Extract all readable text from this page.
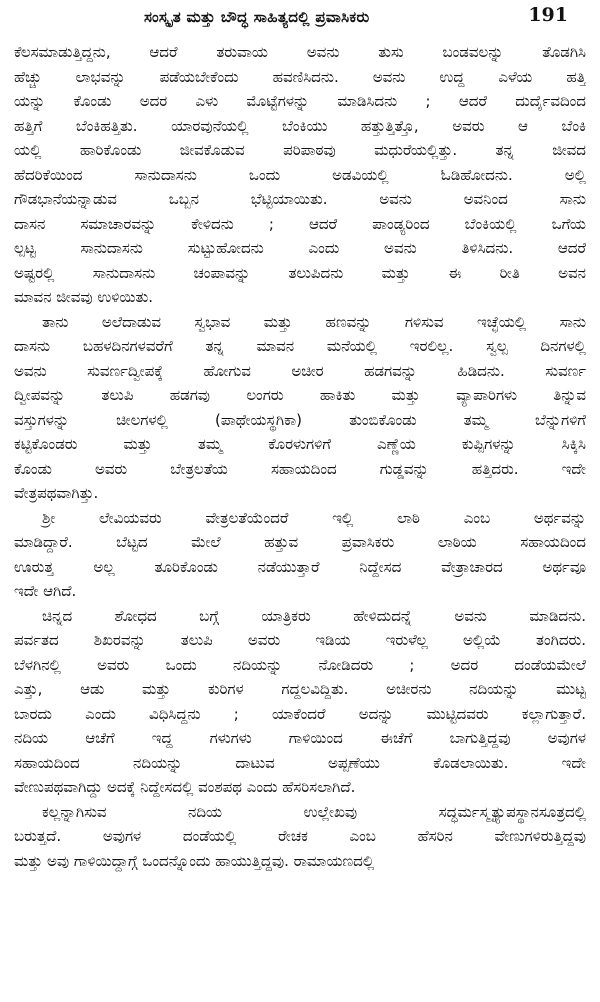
ಸಂಸ್ಕೃತ ಮತ್ತು ಬೌದ್ಧ ಸಾಹಿತ್ಯದಲ್ಲಿ ಪ್ರವಾಸಿಕರು	191
ಕೆಲಸಮಾಡುತ್ತಿದ್ದನು, ಆದರೆ ತರುವಾಯ ಅವನು ತುಸು ಬಂಡವಲನ್ನು ತೊಡಗಿಸಿ
ಹೆಚ್ಚು ಲಾಭವನ್ನು ಪಡೆಯಬೇಕೆಂದು ಹವಣಿಸಿದನು. ಅವನು ಉದ್ದ ಎಳೆಯ ಹತ್ತಿ
ಯನ್ನು ಕೊಂಡು ಅದರ ಎಳು ಮೊಟ್ಟೆಗಳನ್ನು ಮಾಡಿಸಿದನು ; ಆದರೆ ದುರ್ದೈವದಿಂದ
ಹತ್ತಿಗೆ ಬೆಂಕಿಹತ್ತಿತು. ಯಾರವುನೆಯಲ್ಲಿ ಬೆಂಕಿಯು ಹತ್ತುತ್ತಿತ್ತೊ, ಅವರು ಆ ಬೆಂಕಿ
ಯಲ್ಲಿ ಹಾರಿಕೊಂಡು ಜೀವಕೊಡುವ ಪರಿಪಾಠವು ಮಧುರೆಯಲ್ಲಿತ್ತು. ತನ್ನ ಜೀವದ
ಹೆದರಿಕೆಯಿಂದ ಸಾನುದಾಸನು ಒಂದು ಅಡವಿಯಲ್ಲಿ ಓಡಿಹೋದನು. ಅಲ್ಲಿ
ಗೌಡಭಾನೆಯನ್ನಾಡುವ ಒಬ್ಬನ ಭೆಟ್ಟಿಯಾಯಿತು. ಅವನು ಅವನಿಂದ ಸಾನು
ದಾಸನ ಸಮಾಚಾರವನ್ನು ಕೇಳಿದನು ; ಆದರೆ ಪಾಂಡ್ಯರಿಂದ ಬೆಂಕಿಯಲ್ಲಿ ಒಗೆಯ
ಲ್ಪಟ್ಟ ಸಾನುದಾಸನು ಸುಟ್ಟುಹೋದನು ಎಂದು ಅವನು ತಿಳಿಸಿದನು. ಆದರೆ
ಅಷ್ಟರಲ್ಲಿ ಸಾನುದಾಸನು ಚಂಪಾವನ್ನು ತಲುಪಿದನು ಮತ್ತು ಈ ರೀತಿ ಅವನ
ಮಾವನ ಜೀವವು ಉಳಿಯಿತು.
ತಾನು ಅಲೆದಾಡುವ ಸ್ವಭಾವ ಮತ್ತು ಹಣವನ್ನು ಗಳಿಸುವ ಇಚ್ಛೆಯಲ್ಲಿ ಸಾನು
ದಾಸನು ಬಹಳದಿನಗಳವರೆಗೆ ತನ್ನ ಮಾವನ ಮನೆಯಲ್ಲಿ ಇರಲಿಲ್ಲ. ಸ್ವಲ್ಪ ದಿನಗಳಲ್ಲಿ
ಅವನು ಸುವರ್ಣದ್ವೀಪಕ್ಕೆ ಹೋಗುವ ಅಚೀರ ಹಡಗವನ್ನು ಹಿಡಿದನು. ಸುವರ್ಣ
ದ್ವೀಪವನ್ನು ತಲುಪಿ ಹಡಗವು ಲಂಗರು ಹಾಕಿತು ಮತ್ತು ವ್ಯಾಪಾರಿಗಳು ತಿನ್ನುವ
ವಸ್ತುಗಳನ್ನು ಚೀಲಗಳಲ್ಲಿ (ಪಾಥೇಯಸ್ಥಗಿಕಾ) ತುಂಬಿಕೊಂಡು ತಮ್ಮ ಬೆನ್ನುಗಳಿಗೆ
ಕಟ್ಟಿಕೊಂಡರು ಮತ್ತು ತಮ್ಮ ಕೊರಳುಗಳಿಗೆ ಎಣ್ಣೆಯ ಕುಪ್ಪಿಗಳನ್ನು ಸಿಕ್ಕಿಸಿ
ಕೊಂಡು ಅವರು ಬೇತ್ರಲತೆಯ ಸಹಾಯದಿಂದ ಗುಡ್ಡವನ್ನು ಹತ್ತಿದರು. ಇದೇ
ವೇತ್ರಪಥವಾಗಿತ್ತು.
ಶ್ರೀ ಲೇವಿಯವರು ವೇತ್ರಲತೆಯೆಂದರೆ ಇಲ್ಲಿ ಲಾಠಿ ಎಂಬ ಅರ್ಥವನ್ನು
ಮಾಡಿದ್ದಾರೆ. ಬೆಟ್ಟದ ಮೇಲೆ ಹತ್ತುವ ಪ್ರವಾಸಿಕರು ಲಾಠಿಯ ಸಹಾಯದಿಂದ
ಊರುತ್ತ ಅಲ್ಲ ತೂರಿಕೊಂಡು ನಡೆಯುತ್ತಾರೆ ನಿದ್ದೇಸದ ವೇತ್ರಾಚಾರದ ಅರ್ಥವೂ
ಇದೇ ಆಗಿದೆ.
ಚಿನ್ನದ ಶೋಧದ ಬಗ್ಗೆ ಯಾತ್ರಿಕರು ಹೇಳಿದುದನ್ನೆ ಅವನು ಮಾಡಿದನು.
ಪರ್ವತದ ಶಿಖರವನ್ನು ತಲುಪಿ ಅವರು ಇಡಿಯ ಇರುಳೆಲ್ಲ ಅಲ್ಲಿಯೆ ತಂಗಿದರು.
ಬೆಳಗಿನಲ್ಲಿ ಅವರು ಒಂದು ನದಿಯನ್ನು ನೋಡಿದರು ; ಅದರ ದಂಡೆಯಮೇಲೆ
ಎತ್ತು, ಆಡು ಮತ್ತು ಕುರಿಗಳ ಗದ್ದಲವಿದ್ದಿತು. ಅಚೀರನು ನದಿಯನ್ನು ಮುಟ್ಟ
ಬಾರದು ಎಂದು ವಿಧಿಸಿದ್ದನು ; ಯಾಕೆಂದರೆ ಅದನ್ನು ಮುಟ್ಟಿದವರು ಕಲ್ಲಾಗುತ್ತಾರೆ.
ನದಿಯ ಆಚೆಗೆ ಇದ್ದ ಗಳುಗಳು ಗಾಳಿಯಿಂದ ಈಚೆಗೆ ಬಾಗುತ್ತಿದ್ದವು ಅವುಗಳ
ಸಹಾಯದಿಂದ ನದಿಯನ್ನು ದಾಟುವ ಅಪ್ಪಣೆಯು ಕೊಡಲಾಯಿತು. ಇದೇ
ವೇಣುಪಥವಾಗಿದ್ದು ಅದಕ್ಕೆ ನಿದ್ದೇಸದಲ್ಲಿ ವಂಶಪಥ ಎಂದು ಹೆಸರಿಸಲಾಗಿದೆ.
ಕಲ್ಲನ್ನಾಗಿಸುವ ನದಿಯ ಉಲ್ಲೇಖವು ಸದ್ಧರ್ಮಸ್ಮೃತ್ಯುಪಸ್ಥಾನಸೂತ್ರದಲ್ಲಿ
ಬರುತ್ತದೆ. ಅವುಗಳ ದಂಡೆಯಲ್ಲಿ ರೇಚಕ ಎಂಬ ಹೆಸರಿನ ವೇಣುಗಳಿರುತ್ತಿದ್ದವು
ಮತ್ತು ಅವು ಗಾಳಿಯಿದ್ದಾಗ್ಗೆ ಒಂದನ್ನೊಂದು ಹಾಯುತ್ತಿದ್ದವು. ರಾಮಾಯಣದಲ್ಲಿ
